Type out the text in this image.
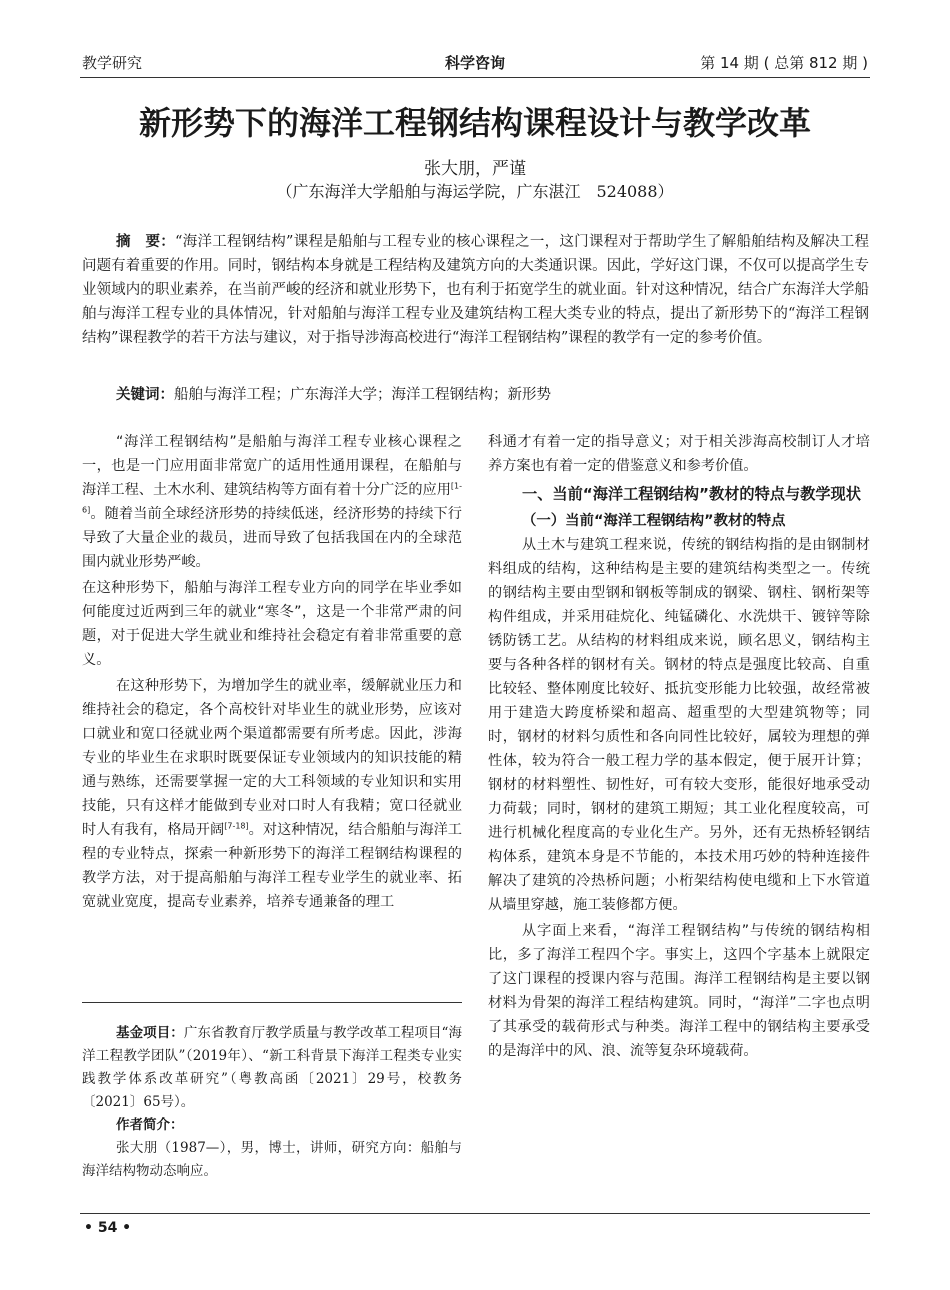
教学研究	科学咨询	第 14 期 ( 总第 812 期 )
新形势下的海洋工程钢结构课程设计与教学改革
张大朋，严谨
（广东海洋大学船舶与海运学院，广东湛江　524088）

摘　要：“海洋工程钢结构”课程是船舶与工程专业的核心课程之一，这门课程对于帮助学生了解船舶结构及解决工程问题有着重要的作用。同时，钢结构本身就是工程结构及建筑方向的大类通识课。因此，学好这门课，不仅可以提高学生专业领域内的职业素养，在当前严峻的经济和就业形势下，也有利于拓宽学生的就业面。针对这种情况，结合广东海洋大学船舶与海洋工程专业的具体情况，针对船舶与海洋工程专业及建筑结构工程大类专业的特点，提出了新形势下的“海洋工程钢结构”课程教学的若干方法与建议，对于指导涉海高校进行“海洋工程钢结构”课程的教学有一定的参考价值。

关键词：船舶与海洋工程；广东海洋大学；海洋工程钢结构；新形势

“海洋工程钢结构”是船舶与海洋工程专业核心课程之一，也是一门应用面非常宽广的适用性通用课程，在船舶与海洋工程、土木水利、建筑结构等方面有着十分广泛的应用[1-6]。随着当前全球经济形势的持续低迷，经济形势的持续下行导致了大量企业的裁员，进而导致了包括我国在内的全球范围内就业形势严峻。

在这种形势下，船舶与海洋工程专业方向的同学在毕业季如何能度过近两到三年的就业“寒冬”，这是一个非常严肃的问题，对于促进大学生就业和维持社会稳定有着非常重要的意义。

在这种形势下，为增加学生的就业率，缓解就业压力和维持社会的稳定，各个高校针对毕业生的就业形势，应该对口就业和宽口径就业两个渠道都需要有所考虑。因此，涉海专业的毕业生在求职时既要保证专业领域内的知识技能的精通与熟练，还需要掌握一定的大工科领域的专业知识和实用技能，只有这样才能做到专业对口时人有我精；宽口径就业时人有我有，格局开阔[7-18]。对这种情况，结合船舶与海洋工程的专业特点，探索一种新形势下的海洋工程钢结构课程的教学方法，对于提高船舶与海洋工程专业学生的就业率、拓宽就业宽度，提高专业素养，培养专通兼备的理工

科通才有着一定的指导意义；对于相关涉海高校制订人才培养方案也有着一定的借鉴意义和参考价值。

一、当前“海洋工程钢结构”教材的特点与教学现状
（一）当前“海洋工程钢结构”教材的特点

从土木与建筑工程来说，传统的钢结构指的是由钢制材料组成的结构，这种结构是主要的建筑结构类型之一。传统的钢结构主要由型钢和钢板等制成的钢梁、钢柱、钢桁架等构件组成，并采用硅烷化、纯锰磷化、水洗烘干、镀锌等除锈防锈工艺。从结构的材料组成来说，顾名思义，钢结构主要与各种各样的钢材有关。钢材的特点是强度比较高、自重比较轻、整体刚度比较好、抵抗变形能力比较强，故经常被用于建造大跨度桥梁和超高、超重型的大型建筑物等；同时，钢材的材料匀质性和各向同性比较好，属较为理想的弹性体，较为符合一般工程力学的基本假定，便于展开计算；钢材的材料塑性、韧性好，可有较大变形，能很好地承受动力荷载；同时，钢材的建筑工期短；其工业化程度较高，可进行机械化程度高的专业化生产。另外，还有无热桥轻钢结构体系，建筑本身是不节能的，本技术用巧妙的特种连接件解决了建筑的冷热桥问题；小桁架结构使电缆和上下水管道从墙里穿越，施工装修都方便。

从字面上来看，“海洋工程钢结构”与传统的钢结构相比，多了海洋工程四个字。事实上，这四个字基本上就限定了这门课程的授课内容与范围。海洋工程钢结构是主要以钢材料为骨架的海洋工程结构建筑。同时，“海洋”二字也点明了其承受的载荷形式与种类。海洋工程中的钢结构主要承受的是海洋中的风、浪、流等复杂环境载荷。

基金项目：广东省教育厅教学质量与教学改革工程项目“海洋工程教学团队”（2019年）、“新工科背景下海洋工程类专业实践教学体系改革研究”（粤教高函〔2021〕29号，校教务〔2021〕65号）。

作者简介：

张大朋（1987—），男，博士，讲师，研究方向：船舶与海洋结构物动态响应。

• 54 •
